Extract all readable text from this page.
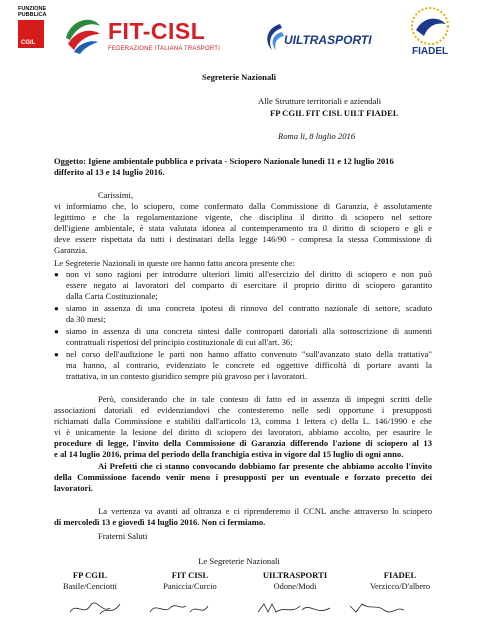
FUNZIONE
PUBBLICA
CGIL	FIT-CISL
FEDERAZIONE ITALIANA TRASPORTI
UILTRASPORTI
FIADEL
Segreterie Nazionali
Alle Strutture territoriali e aziendali
FP CGIL FIT CISL UILT FIADEL
Roma li, 8 luglio 2016
Oggetto: Igiene ambientale pubblica e privata - Sciopero Nazionale lunedì 11 e 12 luglio 2016
differito al 13 e 14 luglio 2016.
Carissimi,
vi informiamo che, lo sciopero, come confermato dalla Commissione di Garanzia, è assolutamente
legittimo e che la regolamentazione vigente, che disciplina il diritto di sciopero nel settore
dell'igiene ambientale, è stata valutata idonea al contemperamento tra il diritto di sciopero e gli e
deve essere rispettata da tutti i destinatari della legge 146/90 - compresa la stessa Commissione di
Garanzia.
Le Segreterie Nazionali in queste ore hanno fatto ancora presente che:
● non vi sono ragioni per introdurre ulteriori limiti all'esercizio del diritto di sciopero e non può
essere negato ai lavoratori del comparto di esercitare il proprio diritto di sciopero garantito
dalla Carta Costituzionale;
● siamo in assenza di una concreta ipotesi di rinnovo del contratto nazionale di settore, scaduto
da 30 mesi;
● siamo in assenza di una concreta sintesi dalle controparti datoriali alla sottoscrizione di aumenti
contrattuali rispettosi del principio costituzionale di cui all'art. 36;
● nel corso dell'audizione le parti non hanno affatto convenuto "sull'avanzato stato della trattativa"
ma hanno, al contrario, evidenziato le concrete ed oggettive difficoltà di portare avanti la
trattativa, in un contesto giuridico sempre più gravoso per i lavoratori.
Però, considerando che in tale contesto di fatto ed in assenza di impegni scritti delle
associazioni datoriali ed evidenziandovi che contesteremo nelle sedi opportune i presupposti
richiamati dalla Commissione e stabiliti dall'articolo 13, comma 1 lettera c) della L. 146/1990 e che
vi è unicamente la lesione del diritto di sciopero dei lavoratori, abbiamo accolto, per esaurire le
procedure di legge, l'invito della Commissione di Garanzia differendo l'azione di sciopero al 13
e al 14 luglio 2016, prima del periodo della franchigia estiva in vigore dal 15 luglio di ogni anno.
Ai Prefetti che ci stanno convocando dobbiamo far presente che abbiamo accolto l'invito
della Commissione facendo venir meno i presupposti per un eventuale e forzato precetto dei
lavoratori.
La vertenza va avanti ad oltranza e ci riprenderemo il CCNL anche attraverso lo sciopero
di mercoledì 13 e giovedì 14 luglio 2016. Non ci fermiamo.
Fraterni Saluti
Le Segreterie Nazionali
FP CGIL	FIT CISL	UILTRASPORTI	FIADEL
Basile/Cenciotti	Paniccia/Curcio	Odone/Modi	Verzicco/D'albero
